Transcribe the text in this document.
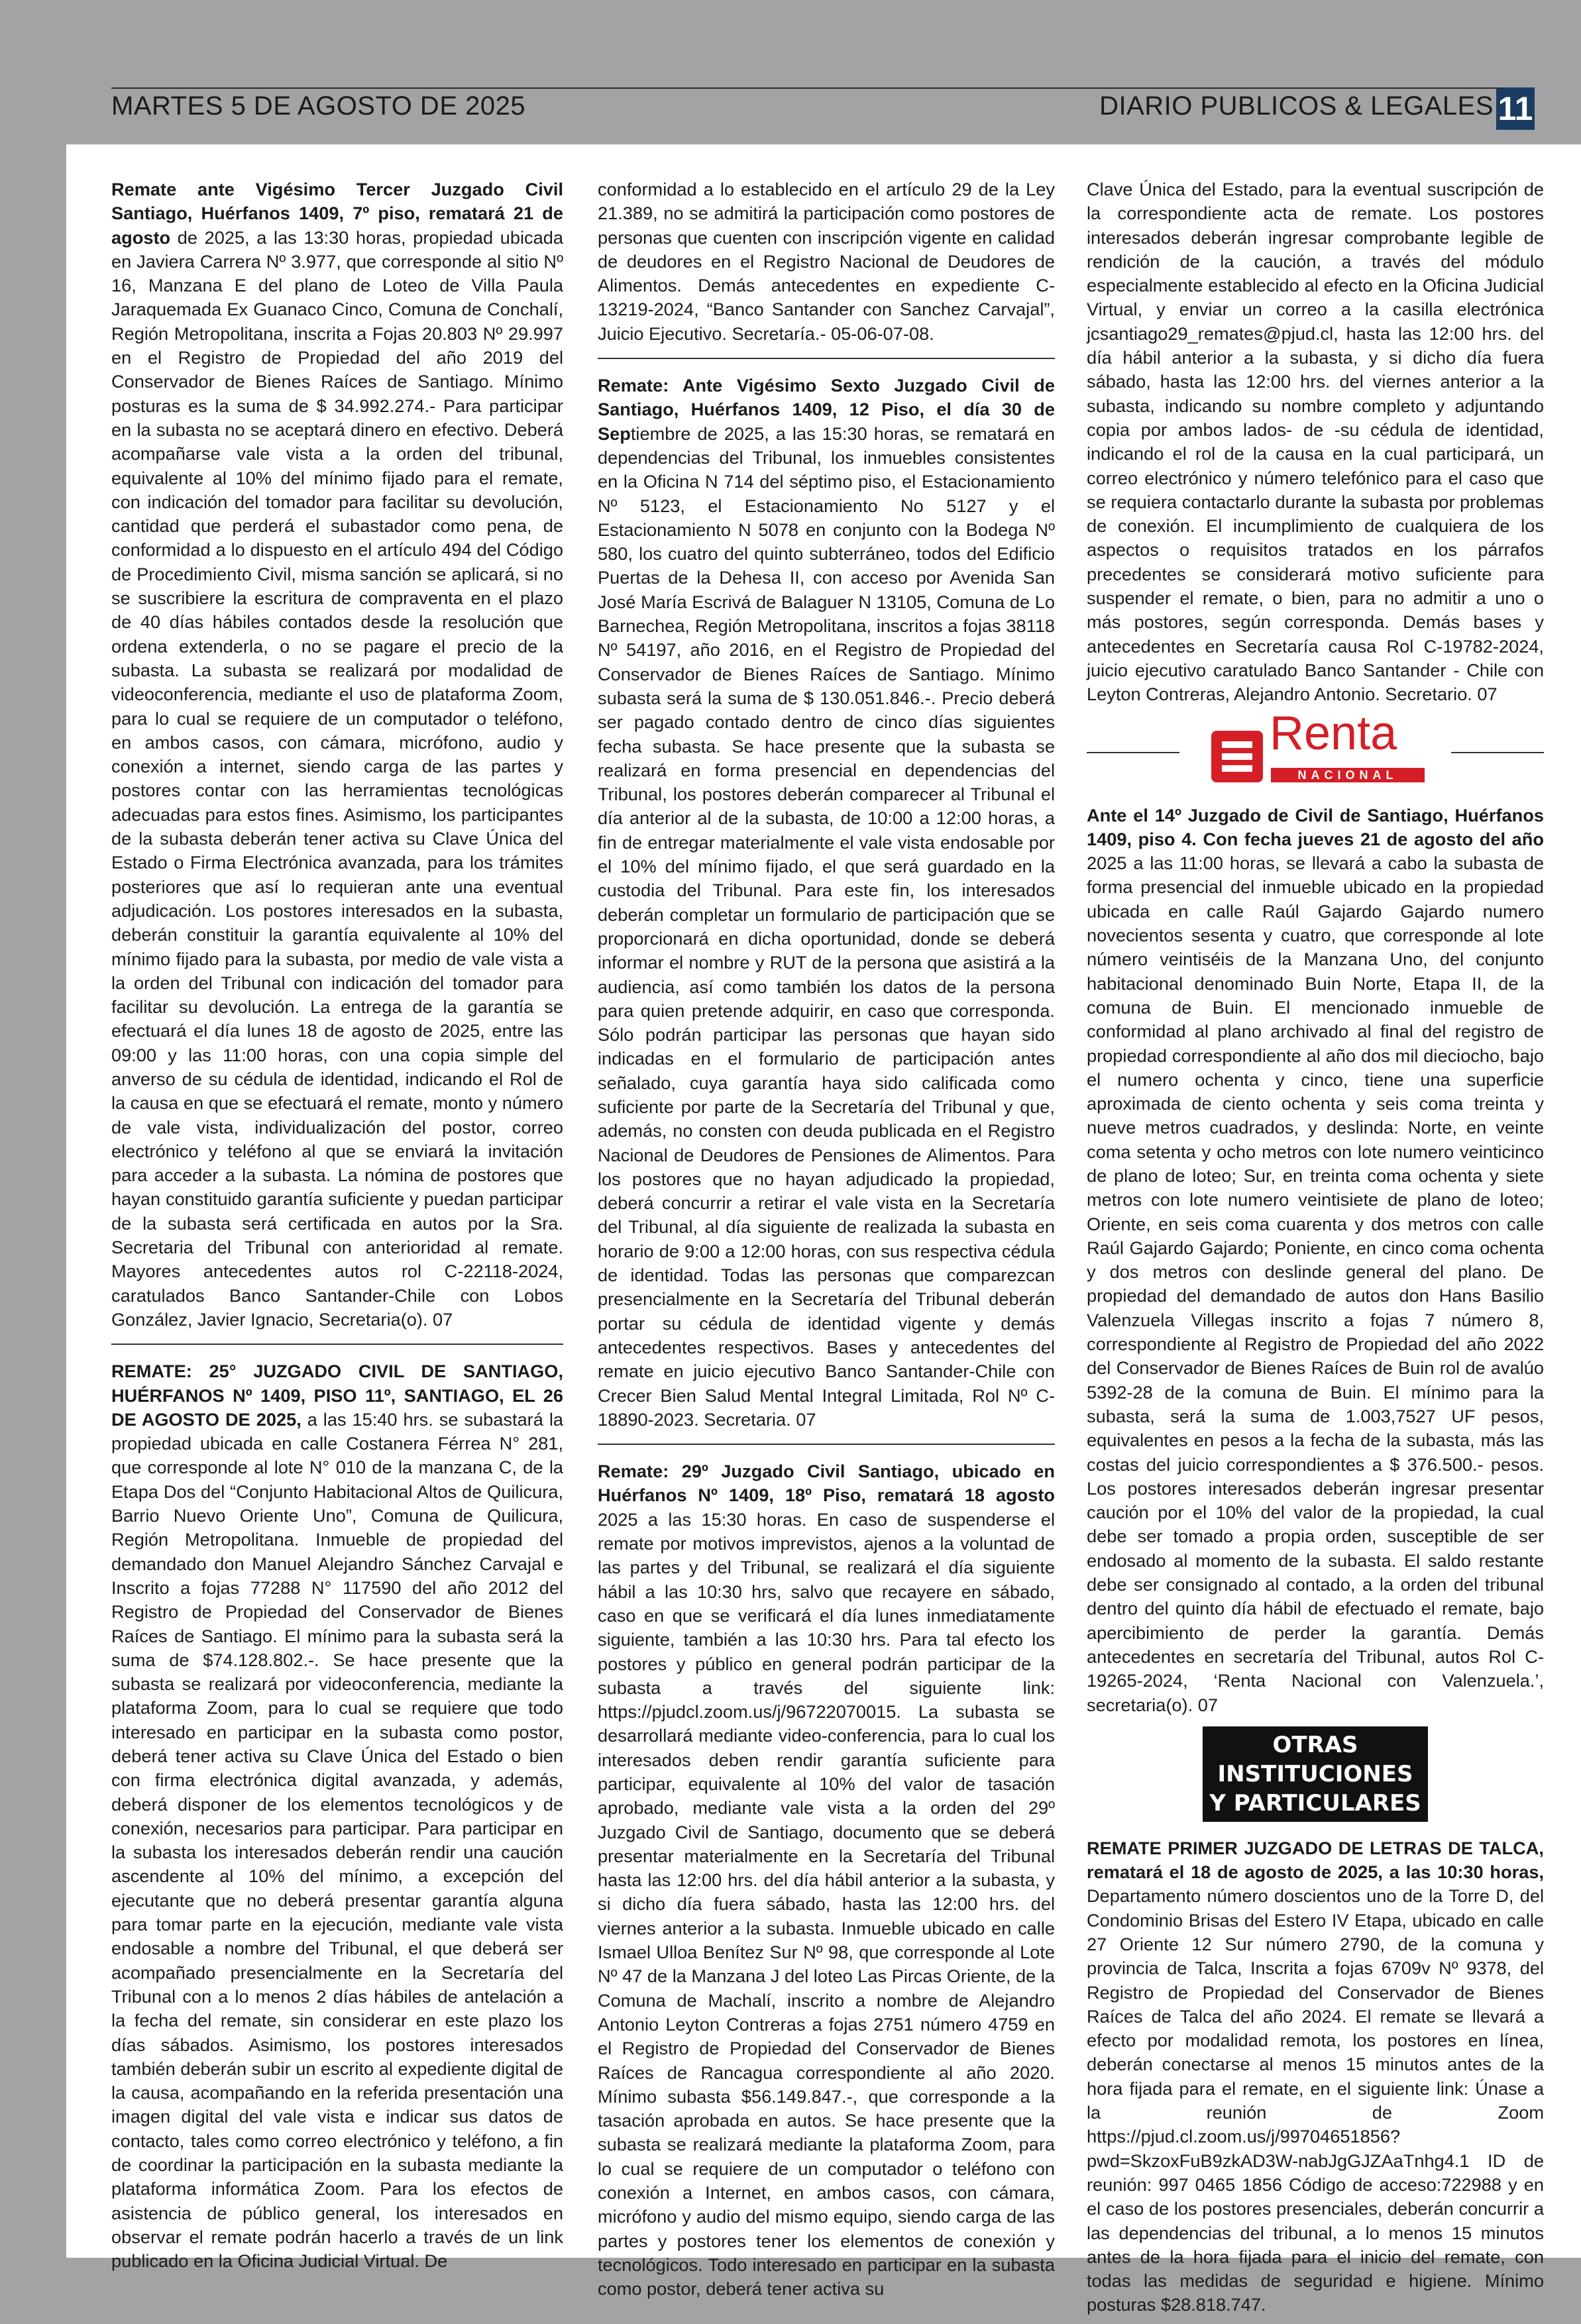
MARTES 5 DE AGOSTO DE 2025	DIARIO PUBLICOS & LEGALES 11

Remate ante Vigésimo Tercer Juzgado Civil Santiago, Huérfanos 1409, 7º piso, rematará 21 de agosto de 2025, a las 13:30 horas, propiedad ubicada en Javiera Carrera Nº 3.977, que corresponde al sitio Nº 16, Manzana E del plano de Loteo de Villa Paula Jaraquemada Ex Guanaco Cinco, Comuna de Conchalí, Región Metropolitana, inscrita a Fojas 20.803 Nº 29.997 en el Registro de Propiedad del año 2019 del Conservador de Bienes Raíces de Santiago. Mínimo posturas es la suma de $ 34.992.274.- Para participar en la subasta no se aceptará dinero en efectivo. Deberá acompañarse vale vista a la orden del tribunal, equivalente al 10% del mínimo fijado para el remate, con indicación del tomador para facilitar su devolución, cantidad que perderá el subastador como pena, de conformidad a lo dispuesto en el artículo 494 del Código de Procedimiento Civil, misma sanción se aplicará, si no se suscribiere la escritura de compraventa en el plazo de 40 días hábiles contados desde la resolución que ordena extenderla, o no se pagare el precio de la subasta. La subasta se realizará por modalidad de videoconferencia, mediante el uso de plataforma Zoom, para lo cual se requiere de un computador o teléfono, en ambos casos, con cámara, micrófono, audio y conexión a internet, siendo carga de las partes y postores contar con las herramientas tecnológicas adecuadas para estos fines. Asimismo, los participantes de la subasta deberán tener activa su Clave Única del Estado o Firma Electrónica avanzada, para los trámites posteriores que así lo requieran ante una eventual adjudicación. Los postores interesados en la subasta, deberán constituir la garantía equivalente al 10% del mínimo fijado para la subasta, por medio de vale vista a la orden del Tribunal con indicación del tomador para facilitar su devolución. La entrega de la garantía se efectuará el día lunes 18 de agosto de 2025, entre las 09:00 y las 11:00 horas, con una copia simple del anverso de su cédula de identidad, indicando el Rol de la causa en que se efectuará el remate, monto y número de vale vista, individualización del postor, correo electrónico y teléfono al que se enviará la invitación para acceder a la subasta. La nómina de postores que hayan constituido garantía suficiente y puedan participar de la subasta será certificada en autos por la Sra. Secretaria del Tribunal con anterioridad al remate. Mayores antecedentes autos rol C-22118-2024, caratulados Banco Santander-Chile con Lobos González, Javier Ignacio, Secretaria(o). 07

REMATE: 25° JUZGADO CIVIL DE SANTIAGO, HUÉRFANOS Nº 1409, PISO 11º, SANTIAGO, EL 26 DE AGOSTO DE 2025, a las 15:40 hrs. se subastará la propiedad ubicada en calle Costanera Férrea N° 281, que corresponde al lote N° 010 de la manzana C, de la Etapa Dos del “Conjunto Habitacional Altos de Quilicura, Barrio Nuevo Oriente Uno”, Comuna de Quilicura, Región Metropolitana. Inmueble de propiedad del demandado don Manuel Alejandro Sánchez Carvajal e Inscrito a fojas 77288 N° 117590 del año 2012 del Registro de Propiedad del Conservador de Bienes Raíces de Santiago. El mínimo para la subasta será la suma de $74.128.802.-. Se hace presente que la subasta se realizará por videoconferencia, mediante la plataforma Zoom, para lo cual se requiere que todo interesado en participar en la subasta como postor, deberá tener activa su Clave Única del Estado o bien con firma electrónica digital avanzada, y además, deberá disponer de los elementos tecnológicos y de conexión, necesarios para participar. Para participar en la subasta los interesados deberán rendir una caución ascendente al 10% del mínimo, a excepción del ejecutante que no deberá presentar garantía alguna para tomar parte en la ejecución, mediante vale vista endosable a nombre del Tribunal, el que deberá ser acompañado presencialmente en la Secretaría del Tribunal con a lo menos 2 días hábiles de antelación a la fecha del remate, sin considerar en este plazo los días sábados. Asimismo, los postores interesados también deberán subir un escrito al expediente digital de la causa, acompañando en la referida presentación una imagen digital del vale vista e indicar sus datos de contacto, tales como correo electrónico y teléfono, a fin de coordinar la participación en la subasta mediante la plataforma informática Zoom. Para los efectos de asistencia de público general, los interesados en observar el remate podrán hacerlo a través de un link publicado en la Oficina Judicial Virtual. De

conformidad a lo establecido en el artículo 29 de la Ley 21.389, no se admitirá la participación como postores de personas que cuenten con inscripción vigente en calidad de deudores en el Registro Nacional de Deudores de Alimentos. Demás antecedentes en expediente C-13219-2024, “Banco Santander con Sanchez Carvajal”, Juicio Ejecutivo. Secretaría.- 05-06-07-08.

Remate: Ante Vigésimo Sexto Juzgado Civil de Santiago, Huérfanos 1409, 12 Piso, el día 30 de Septiembre de 2025, a las 15:30 horas, se rematará en dependencias del Tribunal, los inmuebles consistentes en la Oficina N 714 del séptimo piso, el Estacionamiento Nº 5123, el Estacionamiento No 5127 y el Estacionamiento N 5078 en conjunto con la Bodega Nº 580, los cuatro del quinto subterráneo, todos del Edificio Puertas de la Dehesa II, con acceso por Avenida San José María Escrivá de Balaguer N 13105, Comuna de Lo Barnechea, Región Metropolitana, inscritos a fojas 38118 Nº 54197, año 2016, en el Registro de Propiedad del Conservador de Bienes Raíces de Santiago. Mínimo subasta será la suma de $ 130.051.846.-. Precio deberá ser pagado contado dentro de cinco días siguientes fecha subasta. Se hace presente que la subasta se realizará en forma presencial en dependencias del Tribunal, los postores deberán comparecer al Tribunal el día anterior al de la subasta, de 10:00 a 12:00 horas, a fin de entregar materialmente el vale vista endosable por el 10% del mínimo fijado, el que será guardado en la custodia del Tribunal. Para este fin, los interesados deberán completar un formulario de participación que se proporcionará en dicha oportunidad, donde se deberá informar el nombre y RUT de la persona que asistirá a la audiencia, así como también los datos de la persona para quien pretende adquirir, en caso que corresponda. Sólo podrán participar las personas que hayan sido indicadas en el formulario de participación antes señalado, cuya garantía haya sido calificada como suficiente por parte de la Secretaría del Tribunal y que, además, no consten con deuda publicada en el Registro Nacional de Deudores de Pensiones de Alimentos. Para los postores que no hayan adjudicado la propiedad, deberá concurrir a retirar el vale vista en la Secretaría del Tribunal, al día siguiente de realizada la subasta en horario de 9:00 a 12:00 horas, con sus respectiva cédula de identidad. Todas las personas que comparezcan presencialmente en la Secretaría del Tribunal deberán portar su cédula de identidad vigente y demás antecedentes respectivos. Bases y antecedentes del remate en juicio ejecutivo Banco Santander-Chile con Crecer Bien Salud Mental Integral Limitada, Rol Nº C-18890-2023. Secretaria. 07

Remate: 29º Juzgado Civil Santiago, ubicado en Huérfanos Nº 1409, 18º Piso, rematará 18 agosto 2025 a las 15:30 horas. En caso de suspenderse el remate por motivos imprevistos, ajenos a la voluntad de las partes y del Tribunal, se realizará el día siguiente hábil a las 10:30 hrs, salvo que recayere en sábado, caso en que se verificará el día lunes inmediatamente siguiente, también a las 10:30 hrs. Para tal efecto los postores y público en general podrán participar de la subasta a través del siguiente link: https://pjudcl.zoom.us/j/96722070015. La subasta se desarrollará mediante video-conferencia, para lo cual los interesados deben rendir garantía suficiente para participar, equivalente al 10% del valor de tasación aprobado, mediante vale vista a la orden del 29º Juzgado Civil de Santiago, documento que se deberá presentar materialmente en la Secretaría del Tribunal hasta las 12:00 hrs. del día hábil anterior a la subasta, y si dicho día fuera sábado, hasta las 12:00 hrs. del viernes anterior a la subasta. Inmueble ubicado en calle Ismael Ulloa Benítez Sur Nº 98, que corresponde al Lote Nº 47 de la Manzana J del loteo Las Pircas Oriente, de la Comuna de Machalí, inscrito a nombre de Alejandro Antonio Leyton Contreras a fojas 2751 número 4759 en el Registro de Propiedad del Conservador de Bienes Raíces de Rancagua correspondiente al año 2020. Mínimo subasta $56.149.847.-, que corresponde a la tasación aprobada en autos. Se hace presente que la subasta se realizará mediante la plataforma Zoom, para lo cual se requiere de un computador o teléfono con conexión a Internet, en ambos casos, con cámara, micrófono y audio del mismo equipo, siendo carga de las partes y postores tener los elementos de conexión y tecnológicos. Todo interesado en participar en la subasta como postor, deberá tener activa su

Clave Única del Estado, para la eventual suscripción de la correspondiente acta de remate. Los postores interesados deberán ingresar comprobante legible de rendición de la caución, a través del módulo especialmente establecido al efecto en la Oficina Judicial Virtual, y enviar un correo a la casilla electrónica jcsantiago29_remates@pjud.cl, hasta las 12:00 hrs. del día hábil anterior a la subasta, y si dicho día fuera sábado, hasta las 12:00 hrs. del viernes anterior a la subasta, indicando su nombre completo y adjuntando copia por ambos lados- de -su cédula de identidad, indicando el rol de la causa en la cual participará, un correo electrónico y número telefónico para el caso que se requiera contactarlo durante la subasta por problemas de conexión. El incumplimiento de cualquiera de los aspectos o requisitos tratados en los párrafos precedentes se considerará motivo suficiente para suspender el remate, o bien, para no admitir a uno o más postores, según corresponda. Demás bases y antecedentes en Secretaría causa Rol C-19782-2024, juicio ejecutivo caratulado Banco Santander - Chile con Leyton Contreras, Alejandro Antonio. Secretario. 07

Renta
NACIONAL

Ante el 14º Juzgado de Civil de Santiago, Huérfanos 1409, piso 4. Con fecha jueves 21 de agosto del año 2025 a las 11:00 horas, se llevará a cabo la subasta de forma presencial del inmueble ubicado en la propiedad ubicada en calle Raúl Gajardo Gajardo numero novecientos sesenta y cuatro, que corresponde al lote número veintiséis de la Manzana Uno, del conjunto habitacional denominado Buin Norte, Etapa II, de la comuna de Buin. El mencionado inmueble de conformidad al plano archivado al final del registro de propiedad correspondiente al año dos mil dieciocho, bajo el numero ochenta y cinco, tiene una superficie aproximada de ciento ochenta y seis coma treinta y nueve metros cuadrados, y deslinda: Norte, en veinte coma setenta y ocho metros con lote numero veinticinco de plano de loteo; Sur, en treinta coma ochenta y siete metros con lote numero veintisiete de plano de loteo; Oriente, en seis coma cuarenta y dos metros con calle Raúl Gajardo Gajardo; Poniente, en cinco coma ochenta y dos metros con deslinde general del plano. De propiedad del demandado de autos don Hans Basilio Valenzuela Villegas inscrito a fojas 7 número 8, correspondiente al Registro de Propiedad del año 2022 del Conservador de Bienes Raíces de Buin rol de avalúo 5392-28 de la comuna de Buin. El mínimo para la subasta, será la suma de 1.003,7527 UF pesos, equivalentes en pesos a la fecha de la subasta, más las costas del juicio correspondientes a $ 376.500.- pesos. Los postores interesados deberán ingresar presentar caución por el 10% del valor de la propiedad, la cual debe ser tomado a propia orden, susceptible de ser endosado al momento de la subasta. El saldo restante debe ser consignado al contado, a la orden del tribunal dentro del quinto día hábil de efectuado el remate, bajo apercibimiento de perder la garantía. Demás antecedentes en secretaría del Tribunal, autos Rol C-19265-2024, ‘Renta Nacional con Valenzuela.’, secretaria(o). 07

OTRAS INSTITUCIONES
Y PARTICULARES

REMATE PRIMER JUZGADO DE LETRAS DE TALCA, rematará el 18 de agosto de 2025, a las 10:30 horas, Departamento número doscientos uno de la Torre D, del Condominio Brisas del Estero IV Etapa, ubicado en calle 27 Oriente 12 Sur número 2790, de la comuna y provincia de Talca, Inscrita a fojas 6709v Nº 9378, del Registro de Propiedad del Conservador de Bienes Raíces de Talca del año 2024. El remate se llevará a efecto por modalidad remota, los postores en línea, deberán conectarse al menos 15 minutos antes de la hora fijada para el remate, en el siguiente link: Únase a la reunión de Zoom https://pjud.cl.zoom.us/j/99704651856?pwd=SkzoxFuB9zkAD3W-nabJgGJZAaTnhg4.1 ID de reunión: 997 0465 1856 Código de acceso:722988 y en el caso de los postores presenciales, deberán concurrir a las dependencias del tribunal, a lo menos 15 minutos antes de la hora fijada para el inicio del remate, con todas las medidas de seguridad e higiene. Mínimo posturas $28.818.747.
